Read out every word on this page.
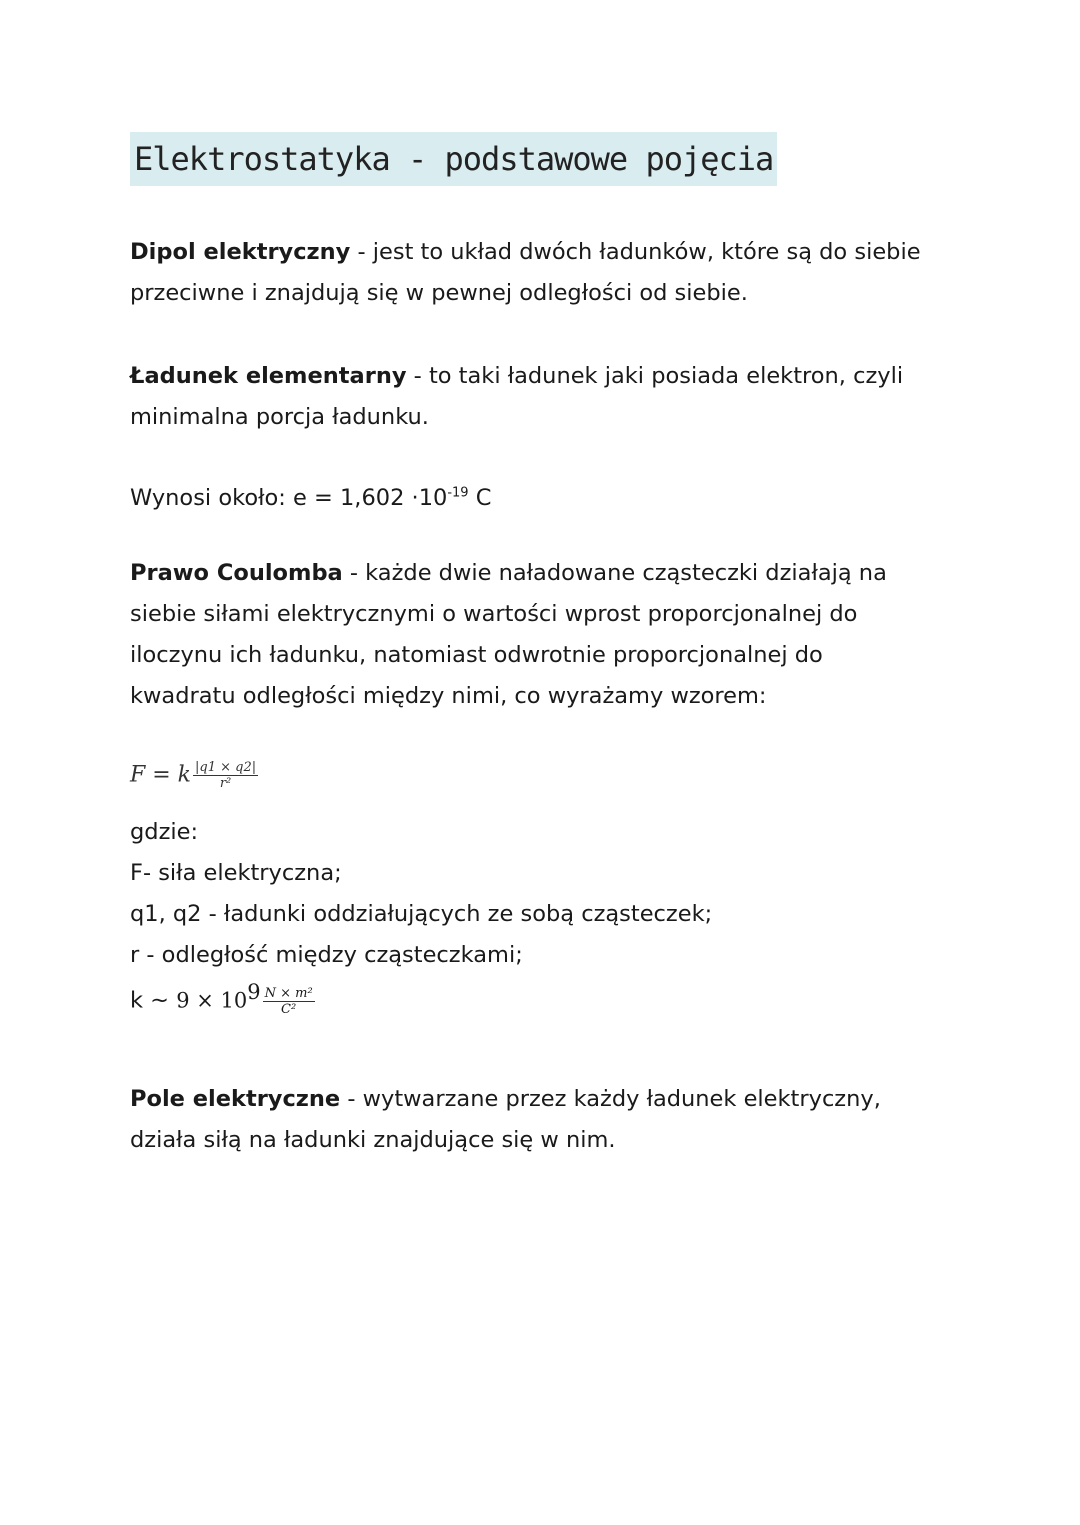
Elektrostatyka - podstawowe pojęcia
Dipol elektryczny - jest to układ dwóch ładunków, które są do siebie
przeciwne i znajdują się w pewnej odległości od siebie.
Ładunek elementarny - to taki ładunek jaki posiada elektron, czyli
minimalna porcja ładunku.
Wynosi około: $e = 1,602 \cdot 10^{-19}$ C
Prawo Coulomba - każde dwie naładowane cząsteczki działają na
siebie siłami elektrycznymi o wartości wprost proporcjonalnej do
iloczynu ich ładunku, natomiast odwrotnie proporcjonalnej do
kwadratu odległości między nimi, co wyrażamy wzorem:
F = k $\frac{|q1 \times q2|}{\text{r²}}$
gdzie:
F- siła elektryczna;
q1, q2 - ładunki oddziałujących ze sobą cząsteczek;
r - odległość między cząsteczkami;
k ~ $9 \times 10^9 \frac{\text{N × m²}}{\text{C²}}$
Pole elektryczne - wytwarzane przez każdy ładunek elektryczny,
działa siłą na ładunki znajdujące się w nim.
